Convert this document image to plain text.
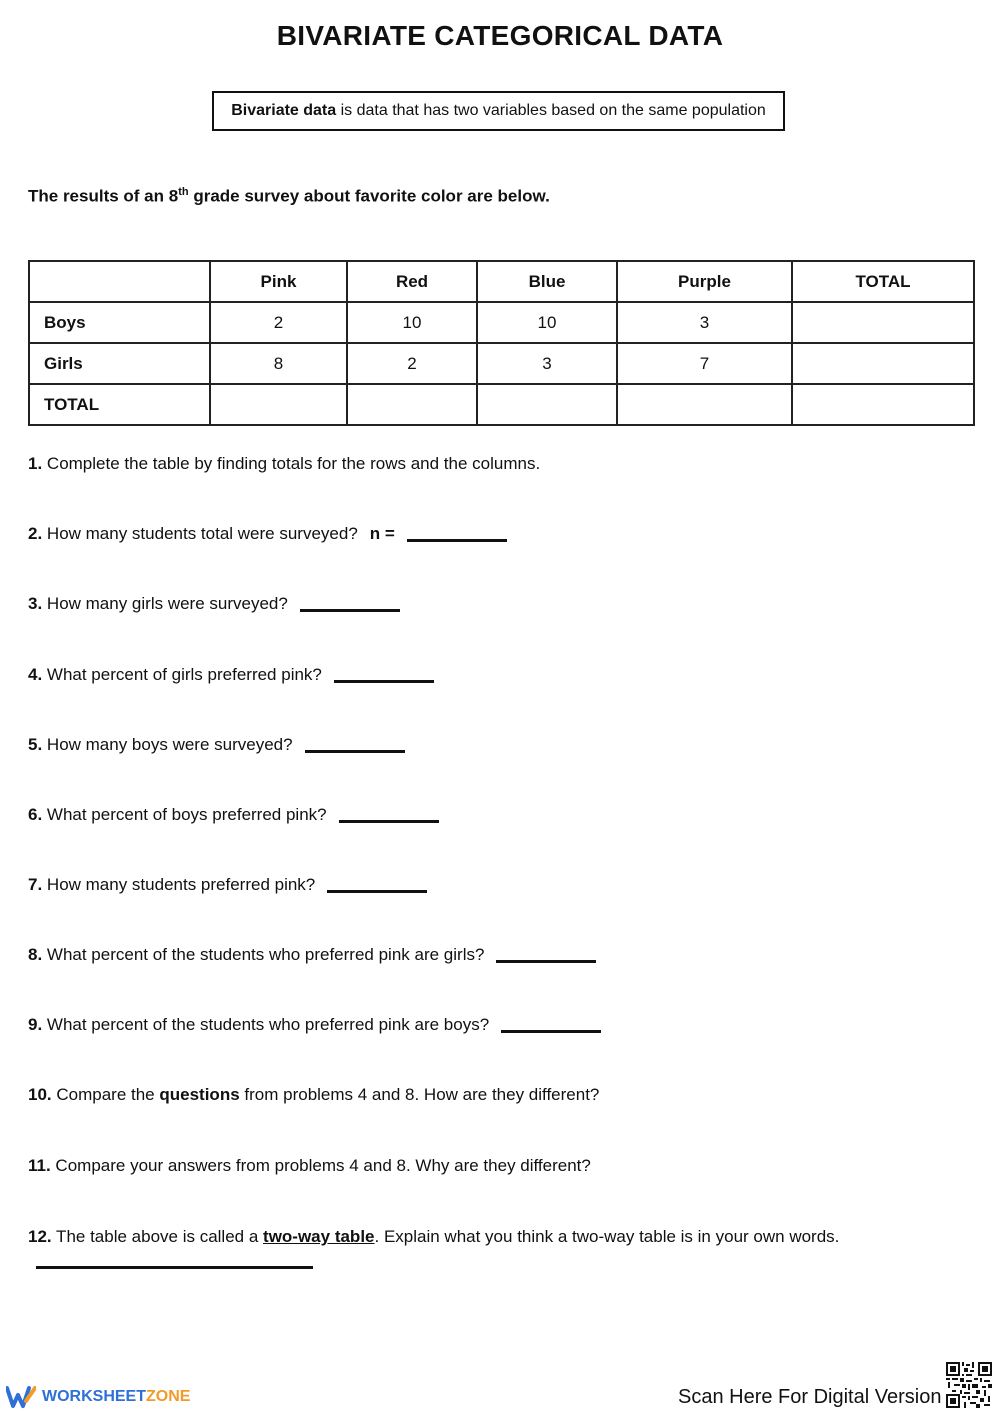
BIVARIATE CATEGORICAL DATA
Bivariate data is data that has two variables based on the same population
The results of an 8th grade survey about favorite color are below.
	Pink	Red	Blue	Purple	TOTAL
Boys	2	10	10	3	
Girls	8	2	3	7	
TOTAL					
1. Complete the table by finding totals for the rows and the columns.
2. How many students total were surveyed? n =
3. How many girls were surveyed?
4. What percent of girls preferred pink?
5. How many boys were surveyed?
6. What percent of boys preferred pink?
7. How many students preferred pink?
8. What percent of the students who preferred pink are girls?
9. What percent of the students who preferred pink are boys?
10. Compare the questions from problems 4 and 8. How are they different?
11. Compare your answers from problems 4 and 8. Why are they different?
12. The table above is called a two-way table. Explain what you think a two-way table is in your own words.
WORKSHEET ZONE	Scan Here For Digital Version
